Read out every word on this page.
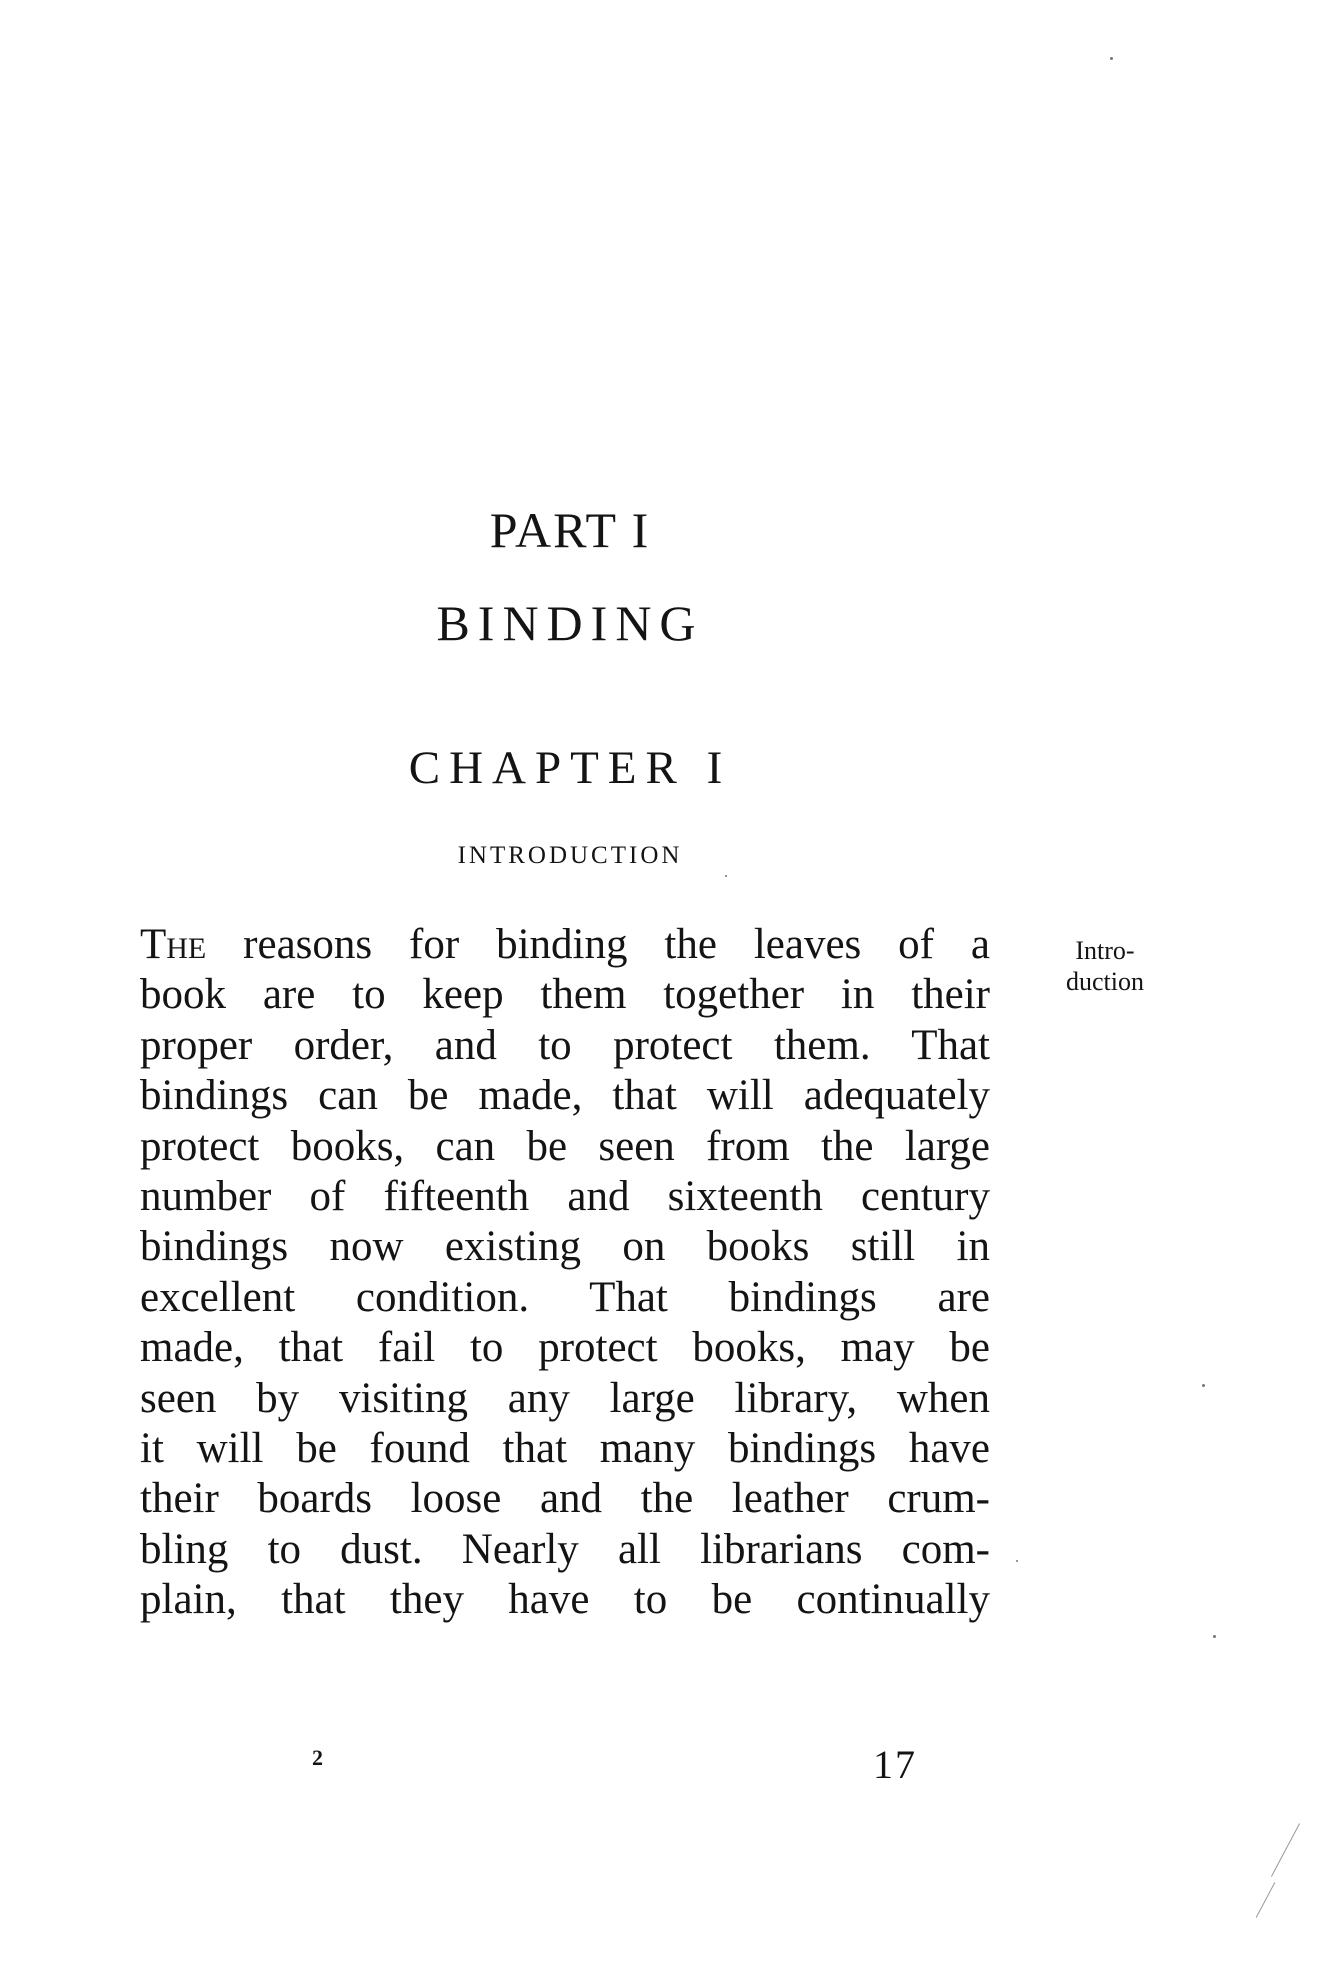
PART I
BINDING
CHAPTER I
INTRODUCTION
The reasons for binding the leaves of a
book are to keep them together in their
proper order, and to protect them. That
bindings can be made, that will adequately
protect books, can be seen from the large
number of fifteenth and sixteenth century
bindings now existing on books still in
excellent condition. That bindings are
made, that fail to protect books, may be
seen by visiting any large library, when
it will be found that many bindings have
their boards loose and the leather crum-
bling to dust. Nearly all librarians com-
plain, that they have to be continually
Intro-
duction
2	17
